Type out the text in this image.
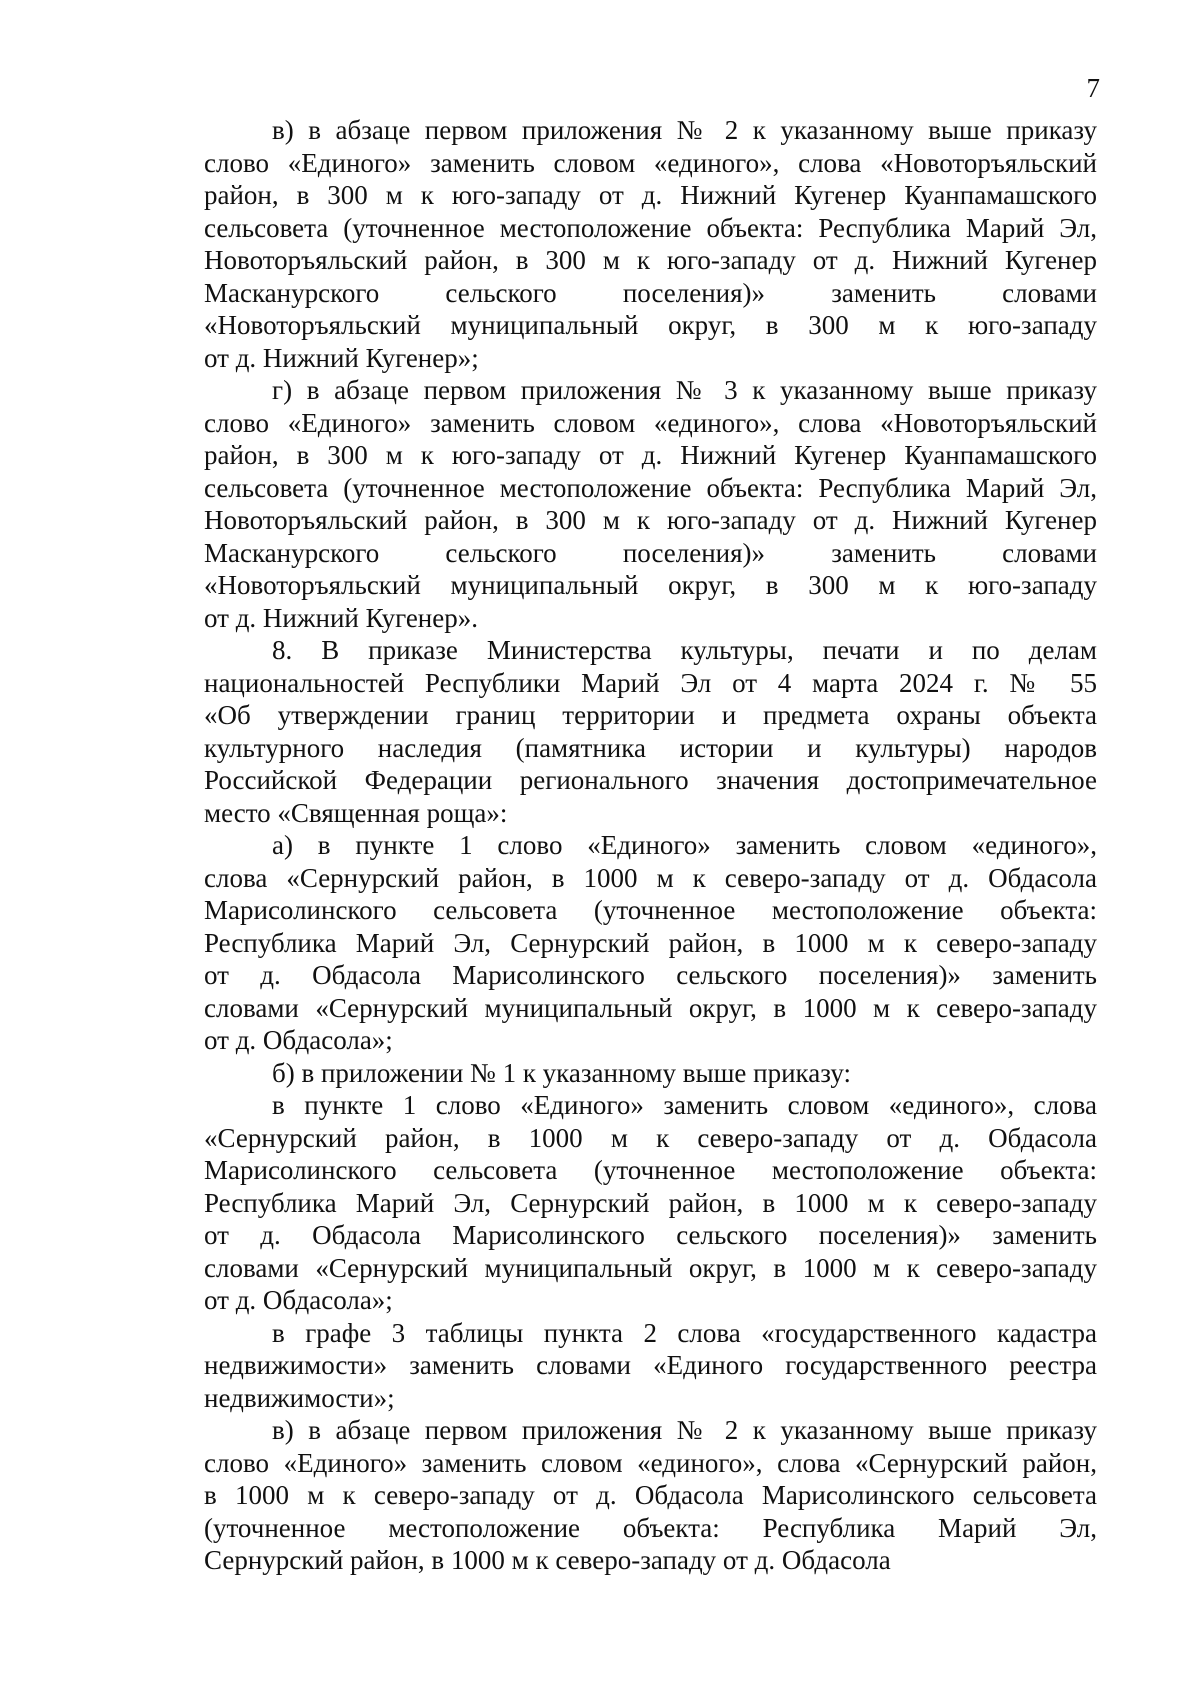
7
в) в абзаце первом приложения № 2 к указанному выше приказу
слово «Единого» заменить словом «единого», слова «Новоторъяльский
район, в 300 м к юго-западу от д. Нижний Кугенер Куанпамашского
сельсовета (уточненное местоположение объекта: Республика Марий Эл,
Новоторъяльский район, в 300 м к юго-западу от д. Нижний Кугенер
Масканурского сельского поселения)» заменить словами
«Новоторъяльский муниципальный округ, в 300 м к юго-западу
от д. Нижний Кугенер»;
г) в абзаце первом приложения № 3 к указанному выше приказу
слово «Единого» заменить словом «единого», слова «Новоторъяльский
район, в 300 м к юго-западу от д. Нижний Кугенер Куанпамашского
сельсовета (уточненное местоположение объекта: Республика Марий Эл,
Новоторъяльский район, в 300 м к юго-западу от д. Нижний Кугенер
Масканурского сельского поселения)» заменить словами
«Новоторъяльский муниципальный округ, в 300 м к юго-западу
от д. Нижний Кугенер».
8. В приказе Министерства культуры, печати и по делам
национальностей Республики Марий Эл от 4 марта 2024 г. № 55
«Об утверждении границ территории и предмета охраны объекта
культурного наследия (памятника истории и культуры) народов
Российской Федерации регионального значения достопримечательное
место «Священная роща»:
а) в пункте 1 слово «Единого» заменить словом «единого»,
слова «Сернурский район, в 1000 м к северо-западу от д. Обдасола
Марисолинского сельсовета (уточненное местоположение объекта:
Республика Марий Эл, Сернурский район, в 1000 м к северо-западу
от д. Обдасола Марисолинского сельского поселения)» заменить
словами «Сернурский муниципальный округ, в 1000 м к северо-западу
от д. Обдасола»;
б) в приложении № 1 к указанному выше приказу:
в пункте 1 слово «Единого» заменить словом «единого», слова
«Сернурский район, в 1000 м к северо-западу от д. Обдасола
Марисолинского сельсовета (уточненное местоположение объекта:
Республика Марий Эл, Сернурский район, в 1000 м к северо-западу
от д. Обдасола Марисолинского сельского поселения)» заменить
словами «Сернурский муниципальный округ, в 1000 м к северо-западу
от д. Обдасола»;
в графе 3 таблицы пункта 2 слова «государственного кадастра
недвижимости» заменить словами «Единого государственного реестра
недвижимости»;
в) в абзаце первом приложения № 2 к указанному выше приказу
слово «Единого» заменить словом «единого», слова «Сернурский район,
в 1000 м к северо-западу от д. Обдасола Марисолинского сельсовета
(уточненное местоположение объекта: Республика Марий Эл,
Сернурский район, в 1000 м к северо-западу от д. Обдасола
